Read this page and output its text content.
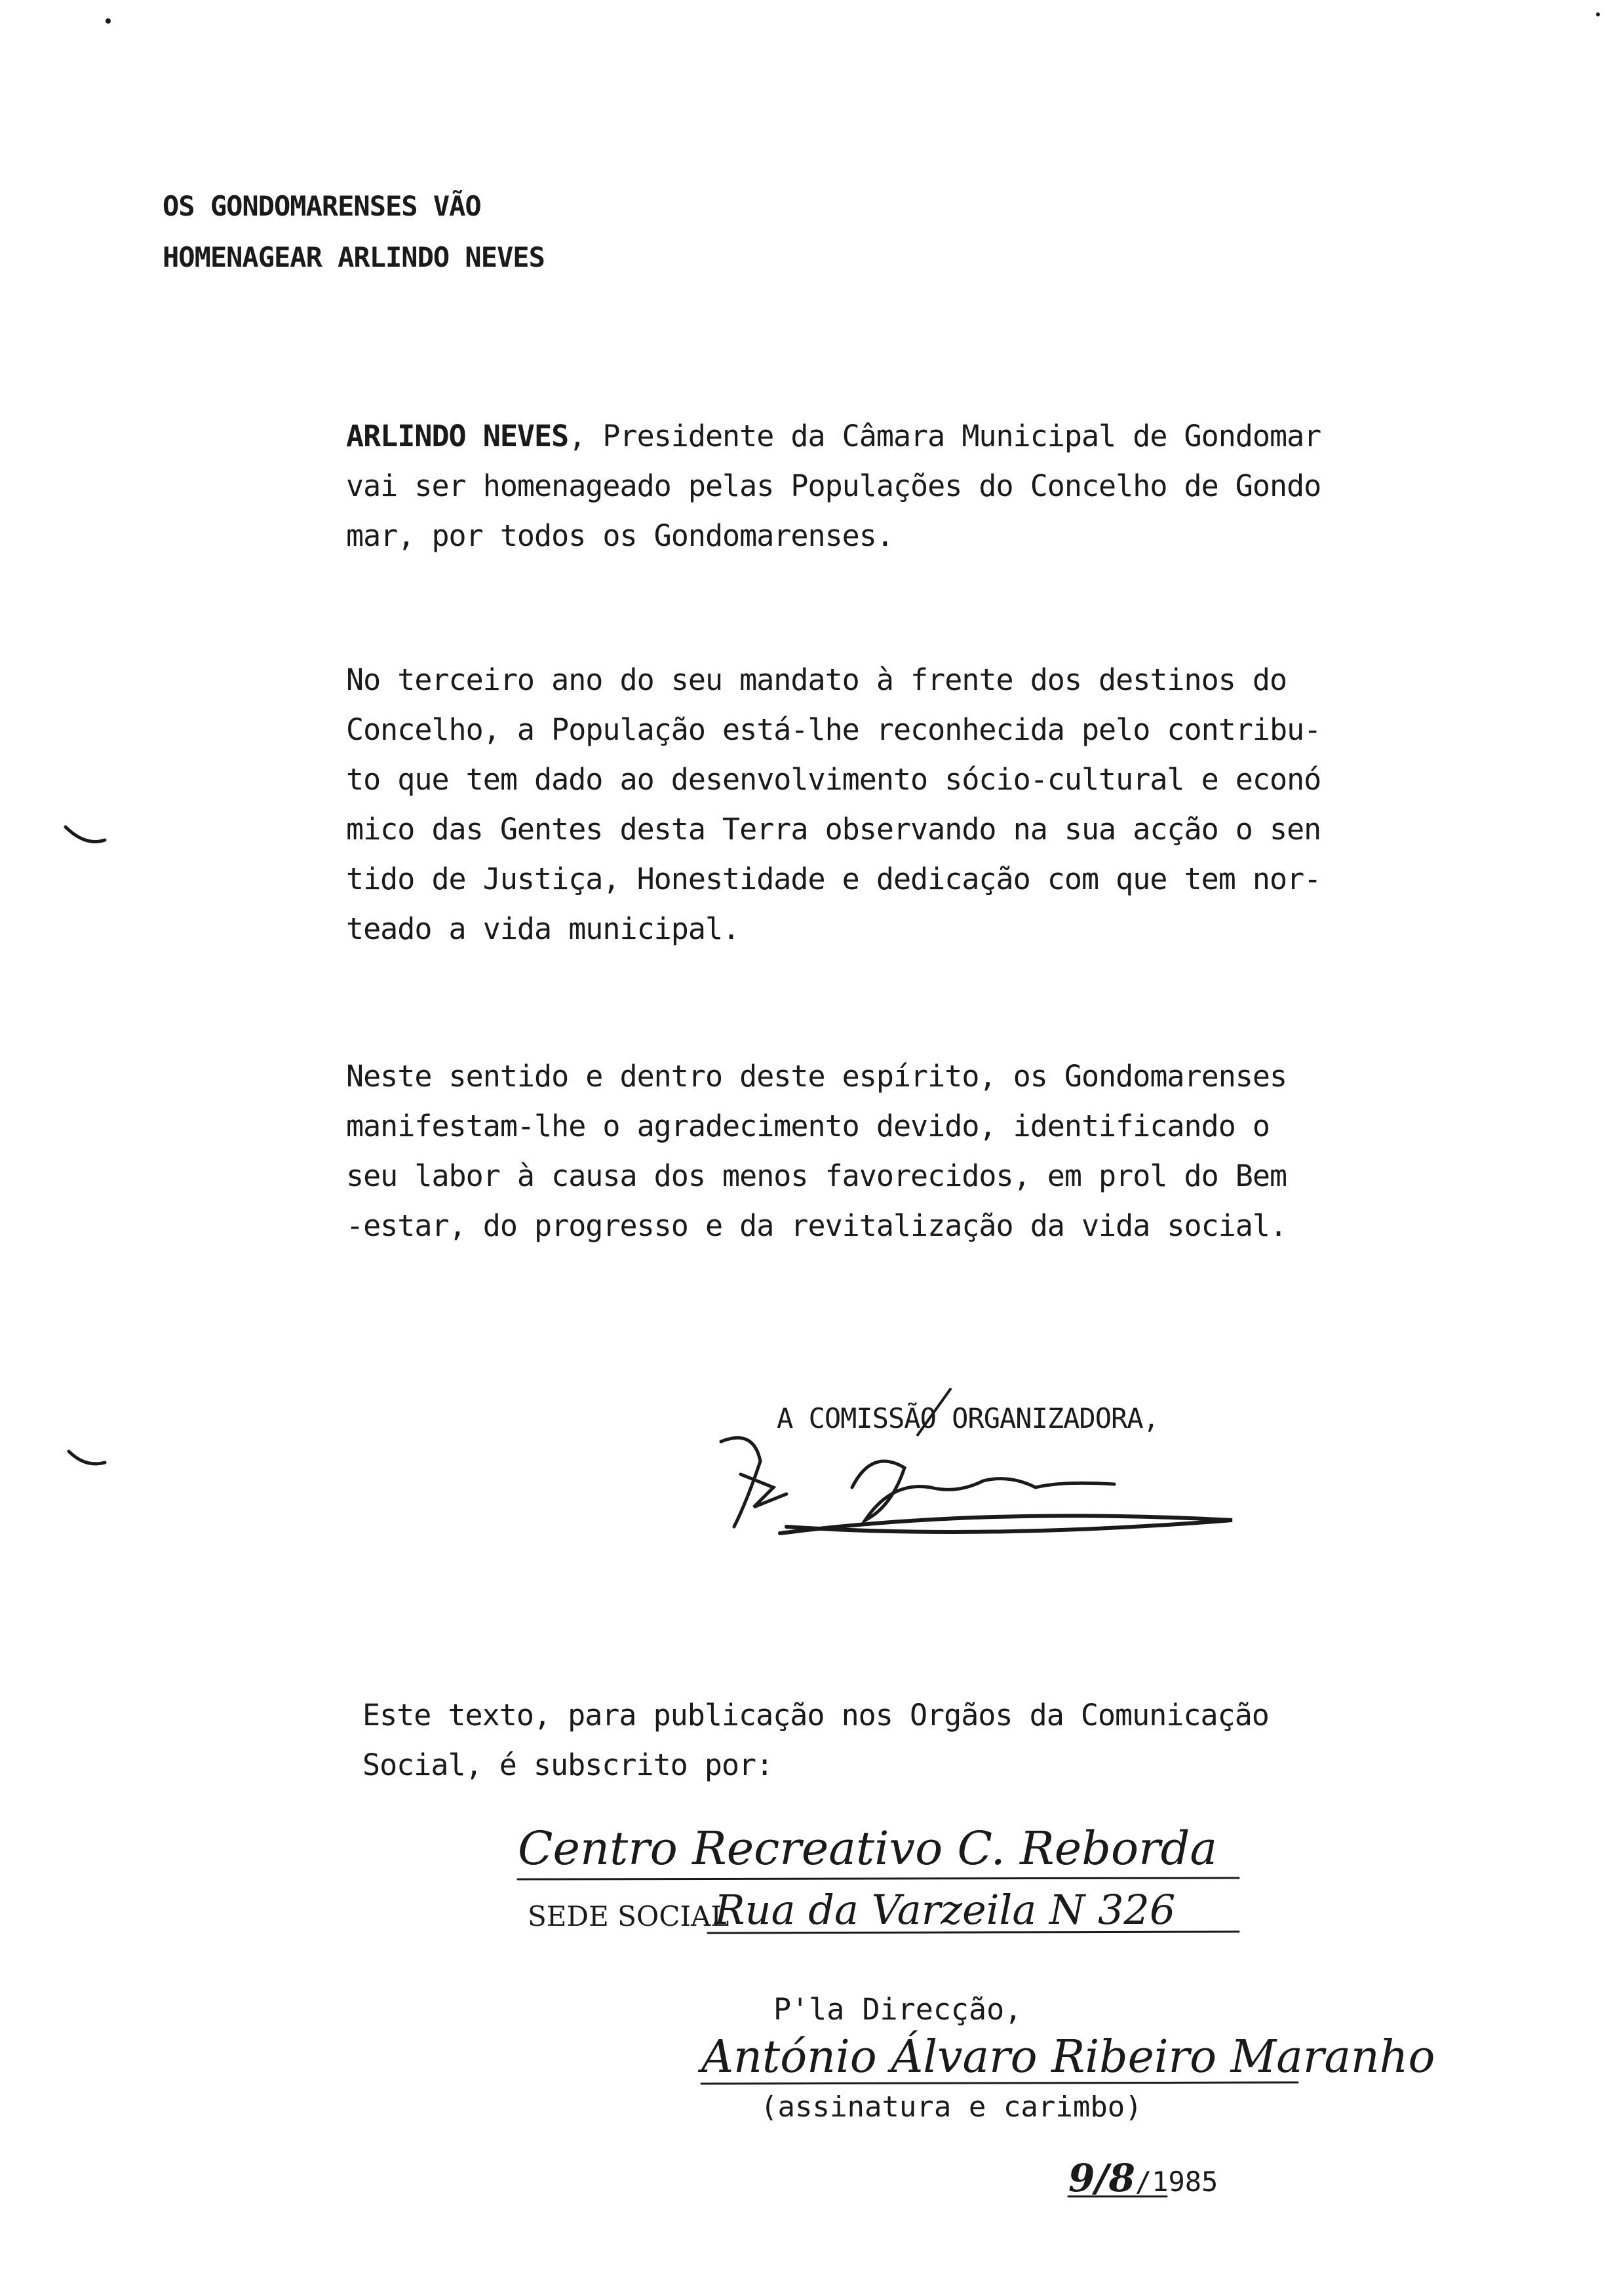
OS GONDOMARENSES VÃO
HOMENAGEAR ARLINDO NEVES

ARLINDO NEVES, Presidente da Câmara Municipal de Gondomar

vai ser homenageado pelas Populações do Concelho de Gondo

mar, por todos os Gondomarenses.

No terceiro ano do seu mandato à frente dos destinos do

Concelho, a População está-lhe reconhecida pelo contribu-

to que tem dado ao desenvolvimento sócio-cultural e econó

mico das Gentes desta Terra observando na sua acção o sen

tido de Justiça, Honestidade e dedicação com que tem nor-

teado a vida municipal.

Neste sentido e dentro deste espírito, os Gondomarenses

manifestam-lhe o agradecimento devido, identificando o

seu labor à causa dos menos favorecidos, em prol do Bem

-estar, do progresso e da revitalização da vida social.

A COMISSÃO ORGANIZADORA,

Este texto, para publicação nos Orgãos da Comunicação

Social, é subscrito por:

Centro Recreativo C. Reborda
SEDE SOCIAL
Rua da Varzeila N 326
P'la Direcção,
António Álvaro Ribeiro Maranho
(assinatura e carimbo)
9/8/1985
